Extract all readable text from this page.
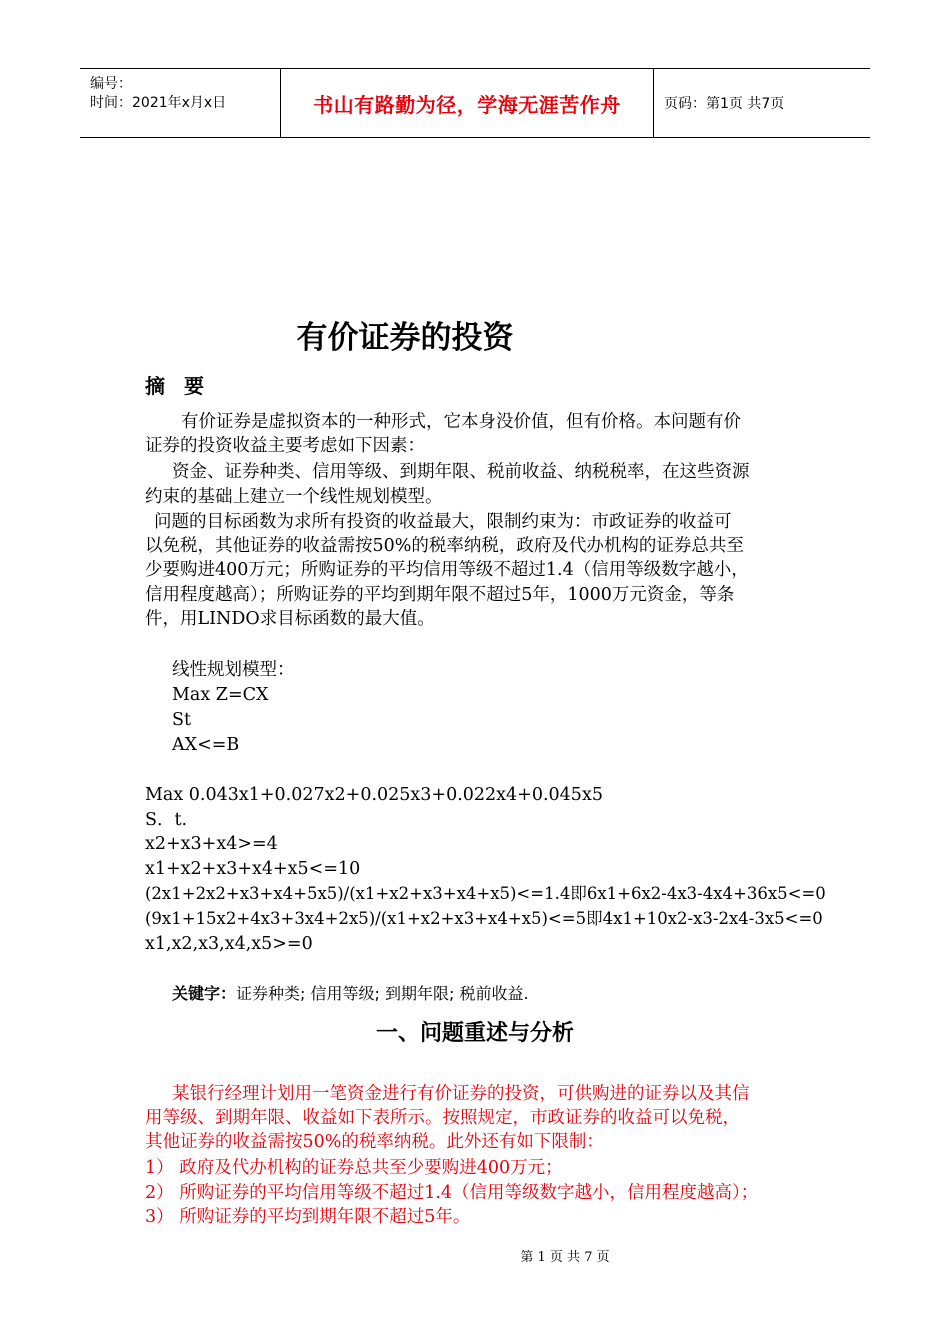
编号：
时间：2021年x月x日	书山有路勤为径，学海无涯苦作舟	页码：第1页 共7页
有价证券的投资
摘 要
有价证券是虚拟资本的一种形式，它本身没价值，但有价格。本问题有价
证券的投资收益主要考虑如下因素：
资金、证券种类、信用等级、到期年限、税前收益、纳税税率，在这些资源
约束的基础上建立一个线性规划模型。
问题的目标函数为求所有投资的收益最大，限制约束为：市政证券的收益可
以免税，其他证券的收益需按50%的税率纳税，政府及代办机构的证券总共至
少要购进400万元；所购证券的平均信用等级不超过1.4（信用等级数字越小，
信用程度越高）；所购证券的平均到期年限不超过5年，1000万元资金，等条
件，用LINDO求目标函数的最大值。
线性规划模型：
Max Z=CX
St
AX<=B
Max 0.043x1+0.027x2+0.025x3+0.022x4+0.045x5
S．t.
x2+x3+x4>=4
x1+x2+x3+x4+x5<=10
(2x1+2x2+x3+x4+5x5)/(x1+x2+x3+x4+x5)<=1.4即6x1+6x2-4x3-4x4+36x5<=0
(9x1+15x2+4x3+3x4+2x5)/(x1+x2+x3+x4+x5)<=5即4x1+10x2-x3-2x4-3x5<=0
x1,x2,x3,x4,x5>=0
关键字：证券种类; 信用等级; 到期年限; 税前收益.
一、问题重述与分析
某银行经理计划用一笔资金进行有价证券的投资，可供购进的证券以及其信
用等级、到期年限、收益如下表所示。按照规定，市政证券的收益可以免税，
其他证券的收益需按50%的税率纳税。此外还有如下限制：
1） 政府及代办机构的证券总共至少要购进400万元；
2） 所购证券的平均信用等级不超过1.4（信用等级数字越小，信用程度越高）；
3） 所购证券的平均到期年限不超过5年。
第 1 页 共 7 页
